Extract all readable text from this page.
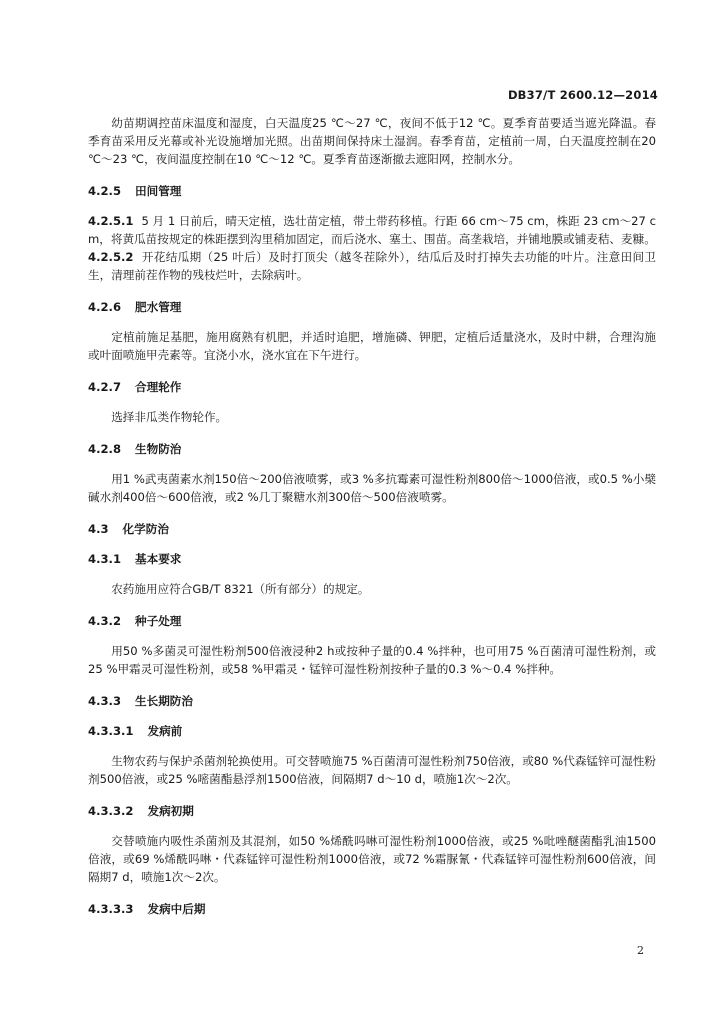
DB37/T 2600.12—2014

幼苗期调控苗床温度和湿度，白天温度25 ℃～27 ℃，夜间不低于12 ℃。夏季育苗要适当遮光降温。春季育苗采用反光幕或补光设施增加光照。出苗期间保持床土湿润。春季育苗，定植前一周，白天温度控制在20 ℃～23 ℃，夜间温度控制在10 ℃～12 ℃。夏季育苗逐渐撤去遮阳网，控制水分。

4.2.5 田间管理
4.2.5.1 5 月 1 日前后，晴天定植，选壮苗定植，带土带药移植。行距 66 cm～75 cm，株距 23 cm～27 cm，将黄瓜苗按规定的株距摆到沟里稍加固定，而后浇水、塞土、围苗。高垄栽培，并铺地膜或铺麦秸、麦糠。
4.2.5.2 开花结瓜期（25 叶后）及时打顶尖（越冬茬除外），结瓜后及时打掉失去功能的叶片。注意田间卫生，清理前茬作物的残枝烂叶，去除病叶。
4.2.6 肥水管理

定植前施足基肥，施用腐熟有机肥，并适时追肥，增施磷、钾肥，定植后适量浇水，及时中耕，合理沟施或叶面喷施甲壳素等。宜浇小水，浇水宜在下午进行。

4.2.7 合理轮作

选择非瓜类作物轮作。

4.2.8 生物防治

用1 %武夷菌素水剂150倍～200倍液喷雾，或3 %多抗霉素可湿性粉剂800倍～1000倍液，或0.5 %小檗碱水剂400倍～600倍液，或2 %几丁聚糖水剂300倍～500倍液喷雾。

4.3 化学防治
4.3.1 基本要求

农药施用应符合GB/T 8321（所有部分）的规定。

4.3.2 种子处理

用50 %多菌灵可湿性粉剂500倍液浸种2 h或按种子量的0.4 %拌种，也可用75 %百菌清可湿性粉剂，或25 %甲霜灵可湿性粉剂，或58 %甲霜灵・锰锌可湿性粉剂按种子量的0.3 %～0.4 %拌种。

4.3.3 生长期防治
4.3.3.1 发病前

生物农药与保护杀菌剂轮换使用。可交替喷施75 %百菌清可湿性粉剂750倍液，或80 %代森锰锌可湿性粉剂500倍液，或25 %嘧菌酯悬浮剂1500倍液，间隔期7 d～10 d，喷施1次～2次。

4.3.3.2 发病初期

交替喷施内吸性杀菌剂及其混剂，如50 %烯酰吗啉可湿性粉剂1000倍液，或25 %吡唑醚菌酯乳油1500倍液，或69 %烯酰吗啉・代森锰锌可湿性粉剂1000倍液，或72 %霜脲氰・代森锰锌可湿性粉剂600倍液，间隔期7 d，喷施1次～2次。

4.3.3.3 发病中后期
2
